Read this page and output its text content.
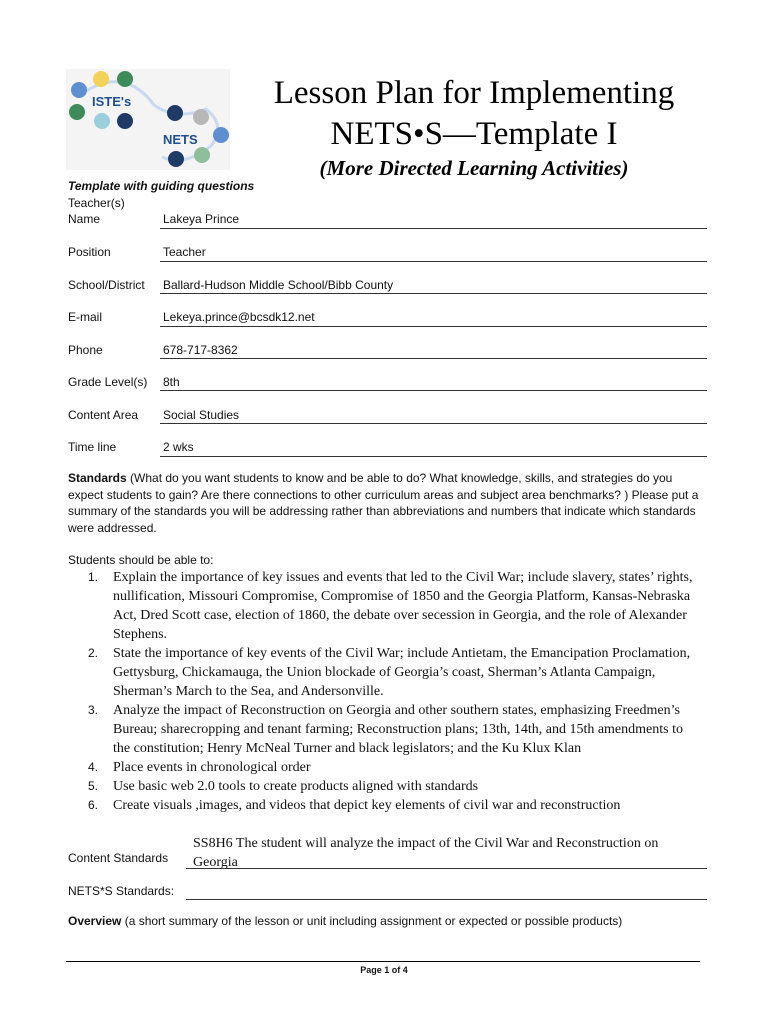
ISTE's
NETS
Lesson Plan for Implementing
NETS•S—Template I
(More Directed Learning Activities)
Template with guiding questions
Teacher(s)
Name	Lakeya Prince
Position	Teacher
School/District Ballard-Hudson Middle School/Bibb County
E-mail	Lekeya.prince@bcsdk12.net
Phone	678-717-8362
Grade Level(s) 8th
Content Area Social Studies
Time line	2 wks
Standards (What do you want students to know and be able to do? What knowledge, skills, and strategies do you expect students to gain? Are there connections to other curriculum areas and subject area benchmarks? ) Please put a summary of the standards you will be addressing rather than abbreviations and numbers that indicate which standards were addressed.
Students should be able to:
1. Explain the importance of key issues and events that led to the Civil War; include slavery, states’ rights, nullification, Missouri Compromise, Compromise of 1850 and the Georgia Platform, Kansas-Nebraska Act, Dred Scott case, election of 1860, the debate over secession in Georgia, and the role of Alexander Stephens.
2. State the importance of key events of the Civil War; include Antietam, the Emancipation Proclamation, Gettysburg, Chickamauga, the Union blockade of Georgia’s coast, Sherman’s Atlanta Campaign, Sherman’s March to the Sea, and Andersonville.
3. Analyze the impact of Reconstruction on Georgia and other southern states, emphasizing Freedmen’s Bureau; sharecropping and tenant farming; Reconstruction plans; 13th, 14th, and 15th amendments to the constitution; Henry McNeal Turner and black legislators; and the Ku Klux Klan
4. Place events in chronological order
5. Use basic web 2.0 tools to create products aligned with standards
6. Create visuals ,images, and videos that depict key elements of civil war and reconstruction
Content Standards
SS8H6 The student will analyze the impact of the Civil War and Reconstruction on Georgia
NETS*S Standards:
Overview (a short summary of the lesson or unit including assignment or expected or possible products)
Page 1 of 4
